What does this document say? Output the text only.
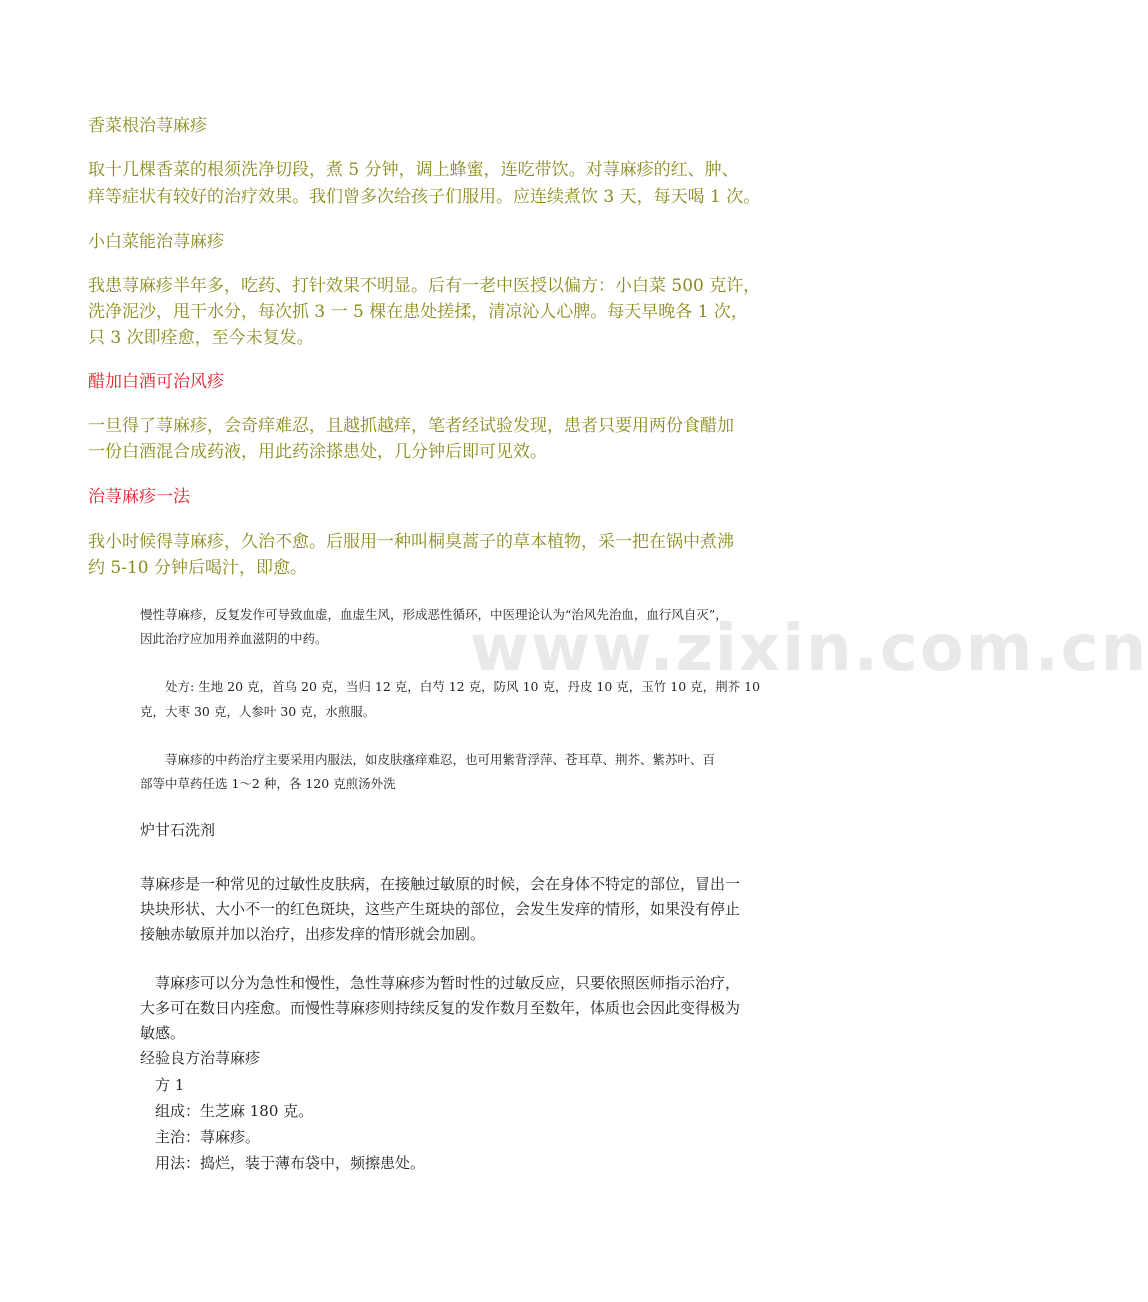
www.zixin.com.cn

香菜根治荨麻疹

取十几棵香菜的根须洗净切段，煮 5 分钟，调上蜂蜜，连吃带饮。对荨麻疹的红、肿、

痒等症状有较好的治疗效果。我们曾多次给孩子们服用。应连续煮饮 3 天，每天喝 1 次。

小白菜能治荨麻疹

我患荨麻疹半年多，吃药、打针效果不明显。后有一老中医授以偏方：小白菜 500 克许，

洗净泥沙，甩干水分，每次抓 3 一 5 棵在患处搓揉，清凉沁人心脾。每天早晚各 1 次，

只 3 次即痊愈，至今未复发。

醋加白酒可治风疹

一旦得了荨麻疹，会奇痒难忍，且越抓越痒，笔者经试验发现，患者只要用两份食醋加

一份白酒混合成药液，用此药涂搽患处，几分钟后即可见效。

治荨麻疹一法

我小时候得荨麻疹，久治不愈。后服用一种叫桐臭蒿子的草本植物，采一把在锅中煮沸

约 5-10 分钟后喝汁，即愈。

慢性荨麻疹，反复发作可导致血虚，血虚生风，形成恶性循环，中医理论认为“治风先治血，血行风自灭”，

因此治疗应加用养血滋阴的中药。

处方: 生地 20 克，首乌 20 克，当归 12 克，白芍 12 克，防风 10 克，丹皮 10 克，玉竹 10 克，荆芥 10

克，大枣 30 克，人参叶 30 克，水煎服。

荨麻疹的中药治疗主要采用内服法，如皮肤瘙痒难忍，也可用紫背浮萍、苍耳草、荆芥、紫苏叶、百

部等中草药任选 1～2 种，各 120 克煎汤外洗

炉甘石洗剂

荨麻疹是一种常见的过敏性皮肤病，在接触过敏原的时候，会在身体不特定的部位，冒出一

块块形状、大小不一的红色斑块，这些产生斑块的部位，会发生发痒的情形，如果没有停止

接触赤敏原并加以治疗，出疹发痒的情形就会加剧。

荨麻疹可以分为急性和慢性，急性荨麻疹为暂时性的过敏反应，只要依照医师指示治疗，

大多可在数日内痊愈。而慢性荨麻疹则持续反复的发作数月至数年，体质也会因此变得极为

敏感。

经验良方治荨麻疹

方 1

组成：生芝麻 180 克。

主治：荨麻疹。

用法：捣烂，装于薄布袋中，频擦患处。
